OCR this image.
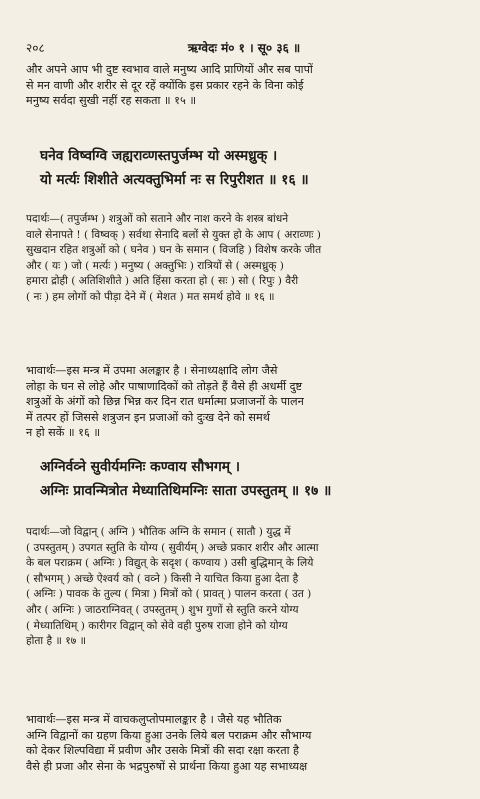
२०८	ऋग्वेदः मं० १ । सू० ३६ ॥
और अपने आप भी दुष्ट स्वभाव वाले मनुष्य आदि प्राणियों और सब पापों
से मन वाणी और शरीर से दूर रहें क्योंकि इस प्रकार रहने के विना कोई
मनुष्य सर्वदा सुखी नहीं रह सकता ॥ १५ ॥
घनेव विष्वग्वि जह्यराव्णस्तपुर्जम्भ यो अस्मध्रुक् ।
यो मर्त्यः शिशीते अत्यक्तुभिर्मा नः स रिपुरीशत ॥ १६ ॥
पदार्थः—( तपुर्जम्भ ) शत्रुओं को सताने और नाश करने के शस्त्र बांधने
वाले सेनापते ! ( विष्वक् ) सर्वथा सेनादि बलों से युक्त हो के आप ( अराव्णः )
सुखदान रहित शत्रुओं को ( घनेव ) घन के समान ( विजहि ) विशेष करके जीत
और ( यः ) जो ( मर्त्यः ) मनुष्य ( अक्तुभिः ) रात्रियों से ( अस्मध्रुक् )
हमारा द्रोही ( अतिशिशीते ) अति हिंसा करता हो ( सः ) सो ( रिपुः ) वैरी
( नः ) हम लोगों को पीड़ा देने में ( मेशत ) मत समर्थ होवे ॥ १६ ॥
भावार्थः—इस मन्त्र में उपमा अलङ्कार है । सेनाध्यक्षादि लोग जैसे
लोहा के घन से लोहे और पाषाणादिकों को तोड़ते हैं वैसे ही अधर्मी दुष्ट
शत्रुओं के अंगों को छिन्न भिन्न कर दिन रात धर्मात्मा प्रजाजनों के पालन
में तत्पर हों जिससे शत्रुजन इन प्रजाओं को दुःख देने को समर्थ
न हो सकें ॥ १६ ॥
अग्निर्वव्ने सुवीर्यमग्निः कण्वाय सौभगम् ।
अग्निः प्रावन्मित्रोत मेध्यातिथिमग्निः साता उपस्तुतम् ॥ १७ ॥
पदार्थः—जो विद्वान् ( अग्नि ) भौतिक अग्नि के समान ( सातौ ) युद्ध में
( उपस्तुतम् ) उपगत स्तुति के योग्य ( सुवीर्यम् ) अच्छे प्रकार शरीर और आत्मा
के बल पराक्रम ( अग्निः ) विद्युत् के सदृश ( कण्वाय ) उसी बुद्धिमान् के लिये
( सौभगम् ) अच्छे ऐश्वर्य को ( वव्ने ) किसी ने याचित किया हुआ देता है
( अग्निः ) पावक के तुल्य ( मित्रा ) मित्रों को ( प्रावत् ) पालन करता ( उत )
और ( अग्निः ) जाठराग्निवत् ( उपस्तुतम् ) शुभ गुणों से स्तुति करने योग्य
( मेध्यातिथिम् ) कारीगर विद्वान् को सेवे वही पुरुष राजा होने को योग्य
होता है ॥ १७ ॥
भावार्थः—इस मन्त्र में वाचकलुप्तोपमालङ्कार है । जैसे यह भौतिक
अग्नि विद्वानों का ग्रहण किया हुआ उनके लिये बल पराक्रम और सौभाग्य
को देकर शिल्पविद्या में प्रवीण और उसके मित्रों की सदा रक्षा करता है
वैसे ही प्रजा और सेना के भद्रपुरुषों से प्रार्थना किया हुआ यह सभाध्यक्ष
